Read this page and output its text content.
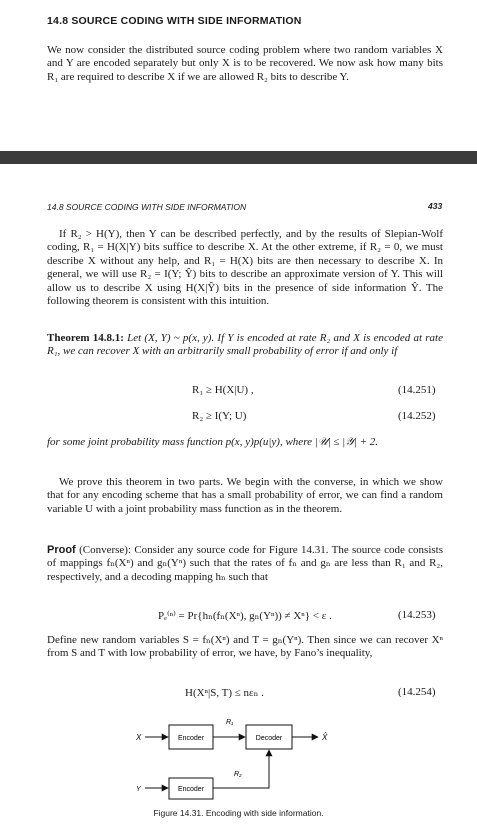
14.8 SOURCE CODING WITH SIDE INFORMATION
We now consider the distributed source coding problem where two random variables X and Y are encoded separately but only X is to be recovered. We now ask how many bits R₁ are required to describe X if we are allowed R₂ bits to describe Y.
14.8 SOURCE CODING WITH SIDE INFORMATION	433
If R₂ > H(Y), then Y can be described perfectly, and by the results of Slepian-Wolf coding, R₁ = H(X|Y) bits suffice to describe X. At the other extreme, if R₂ = 0, we must describe X without any help, and R₁ = H(X) bits are then necessary to describe X. In general, we will use R₂ = I(Y; Ŷ) bits to describe an approximate version of Y. This will allow us to describe X using H(X|Ŷ) bits in the presence of side information Ŷ. The following theorem is consistent with this intuition.
Theorem 14.8.1: Let (X, Y) ~ p(x, y). If Y is encoded at rate R₂ and X is encoded at rate R₁, we can recover X with an arbitrarily small probability of error if and only if
R₁ ≥ H(X|U) ,	(14.251)
R₂ ≥ I(Y; U)	(14.252)
for some joint probability mass function p(x, y)p(u|y), where |𝒰| ≤ |𝒴| + 2.
We prove this theorem in two parts. We begin with the converse, in which we show that for any encoding scheme that has a small probability of error, we can find a random variable U with a joint probability mass function as in the theorem.
Proof (Converse): Consider any source code for Figure 14.31. The source code consists of mappings fₙ(Xⁿ) and gₙ(Yⁿ) such that the rates of fₙ and gₙ are less than R₁ and R₂, respectively, and a decoding mapping hₙ such that
Pₑ⁽ⁿ⁾ = Pr{hₙ(fₙ(Xⁿ), gₙ(Yⁿ)) ≠ Xⁿ} < ε .	(14.253)
Define new random variables S = fₙ(Xⁿ) and T = gₙ(Yⁿ). Then since we can recover Xⁿ from S and T with low probability of error, we have, by Fano’s inequality,
H(Xⁿ|S, T) ≤ nεₙ .	(14.254)
X	Encoder
R₁
Decoder	X̂
Y	Encoder
R₂
Figure 14.31. Encoding with side information.
